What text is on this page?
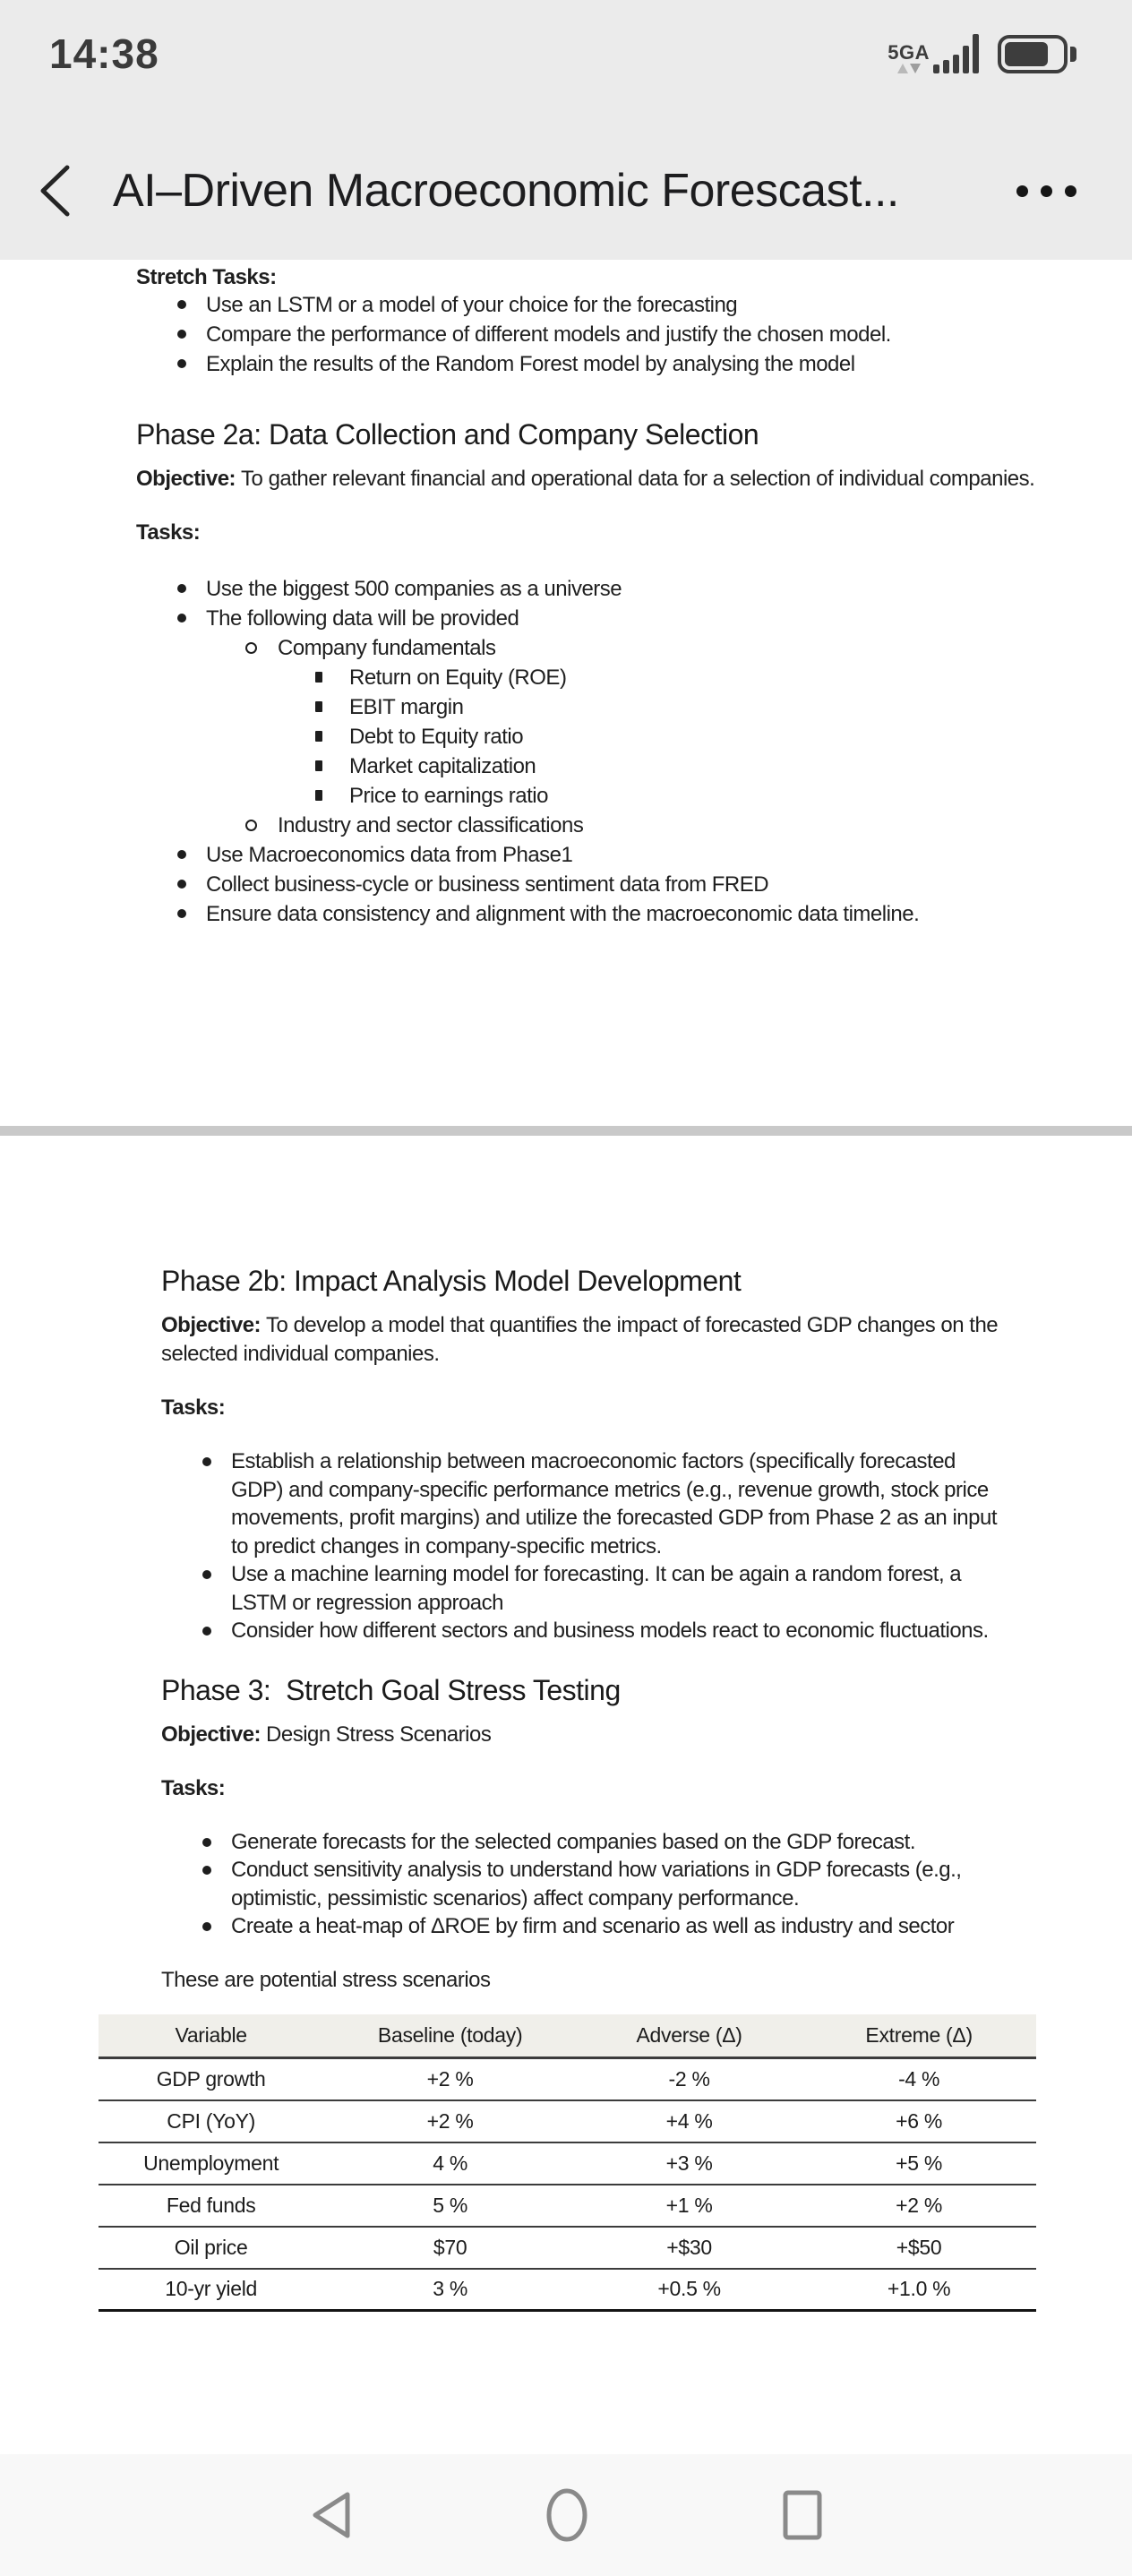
14:38	5GA
AI–Driven Macroeconomic Forescast...
Stretch Tasks:
Use an LSTM or a model of your choice for the forecasting
Compare the performance of different models and justify the chosen model.
Explain the results of the Random Forest model by analysing the model
Phase 2a: Data Collection and Company Selection

Objective: To gather relevant financial and operational data for a selection of individual companies.

Tasks:
Use the biggest 500 companies as a universe
The following data will be provided
Company fundamentals
Return on Equity (ROE)
EBIT margin
Debt to Equity ratio
Market capitalization
Price to earnings ratio
Industry and sector classifications
Use Macroeconomics data from Phase1
Collect business-cycle or business sentiment data from FRED
Ensure data consistency and alignment with the macroeconomic data timeline.
Phase 2b: Impact Analysis Model Development

Objective: To develop a model that quantifies the impact of forecasted GDP changes on the selected individual companies.

Tasks:
Establish a relationship between macroeconomic factors (specifically forecasted GDP) and company-specific performance metrics (e.g., revenue growth, stock price movements, profit margins) and utilize the forecasted GDP from Phase 2 as an input to predict changes in company-specific metrics.
Use a machine learning model for forecasting. It can be again a random forest, a LSTM or regression approach
Consider how different sectors and business models react to economic fluctuations.
Phase 3:  Stretch Goal Stress Testing

Objective: Design Stress Scenarios

Tasks:
Generate forecasts for the selected companies based on the GDP forecast.
Conduct sensitivity analysis to understand how variations in GDP forecasts (e.g., optimistic, pessimistic scenarios) affect company performance.
Create a heat-map of ΔROE by firm and scenario as well as industry and sector

These are potential stress scenarios

Variable	Baseline (today)	Adverse (Δ)	Extreme (Δ)
GDP growth	+2 %	-2 %	-4 %
CPI (YoY)	+2 %	+4 %	+6 %
Unemployment	4 %	+3 %	+5 %
Fed funds	5 %	+1 %	+2 %
Oil price	$70	+$30	+$50
10-yr yield	3 %	+0.5 %	+1.0 %
